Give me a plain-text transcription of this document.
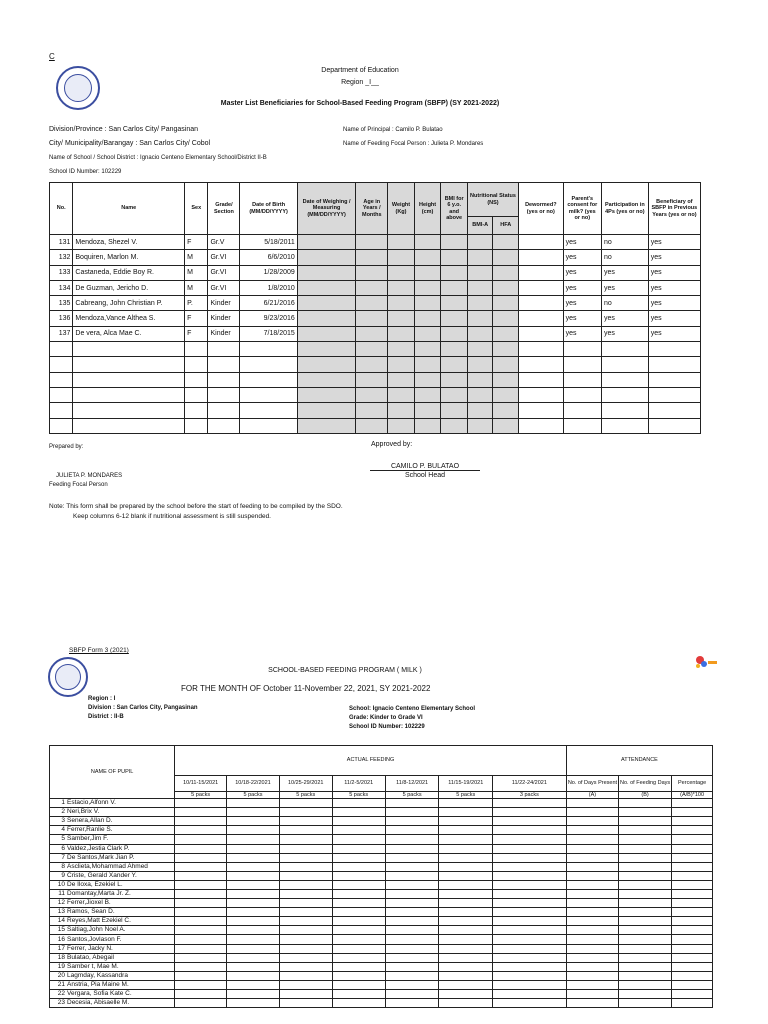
C
Department of Education
Region _I__
Master List Beneficiaries for School-Based Feeding Program (SBFP) (SY 2021-2022)
Division/Province : San Carlos City/ Pangasinan
City/ Municipality/Barangay : San Carlos City/ Cobol
Name of School / School District : Ignacio Centeno Elementary School/District II-B
School ID Number: 102229
Name of Principal : Camilo P. Bulatao
Name of Feeding Focal Person : Julieta P. Mondares
No.	Name	Sex	Grade/ Section	Date of Birth (MM/DD/YYYY)	Date of Weighing / Measuring (MM/DD/YYYY)	Age in Years / Months	Weight (Kg)	Height (cm)	BMI for 6 y.o. and above	Nutritional Status (NS)		Dewormed? (yes or no)	Parent's consent for milk? (yes or no)	Participation in 4Ps (yes or no)	Beneficiary of SBFP in Previous Years (yes or no)
										BMI-A	HFA				
131	Mendoza, Shezel V.	F	Gr.V	5/18/2011									yes	no	yes
132	Boquiren, Marlon M.	M	Gr.VI	6/6/2010									yes	no	yes
133	Castaneda, Eddie Boy R.	M	Gr.VI	1/28/2009									yes	yes	yes
134	De Guzman, Jericho D.	M	Gr.VI	1/8/2010									yes	yes	yes
135	Cabreang, John Christian P.	P.	Kinder	6/21/2016									yes	no	yes
136	Mendoza,Vance Althea S.	F	Kinder	9/23/2016									yes	yes	yes
137	De vera, Alca Mae C.	F	Kinder	7/18/2015									yes	yes	yes

Prepared by:	Approved by:
JULIETA P. MONDARES
Feeding Focal Person
CAMILO P. BULATAO
School Head
Note: This form shall be prepared by the school before the start of feeding to be compiled by the SDO.
Keep columns 6-12 blank if nutritional assessment is still suspended.
SBFP Form 3 (2021)
SCHOOL-BASED FEEDING PROGRAM ( MILK )
FOR THE MONTH OF October 11-November 22, 2021, SY 2021-2022
Region : I
Division : San Carlos City, Pangasinan
District : II-B
School: Ignacio Centeno Elementary School
Grade: Kinder to Grade VI
School ID Number: 102229
NAME OF PUPIL	ACTUAL FEEDING							ATTENDANCE		
	10/11-15/2021	10/18-22/2021	10/25-29/2021	11/2-5/2021	11/8-12/2021	11/15-19/2021	11/22-24/2021	No. of Days Present	No. of Feeding Days	Percentage
	5 packs	5 packs	5 packs	5 packs	5 packs	5 packs	3 packs	(A)	(B)	(A/B)*100
1 Estacio,Alfonn V.										
2 Neri,Brix V.										
3 Senera,Allan D.										
4 Ferrer,Ranlie S.										
5 Samber,Jim F.										
6 Valdez,Jestia Clark P.										
7 De Santos,Mark Jian P.										
8 Asclieta,Mohammad Ahmed										
9 Criste, Gerald Xander Y.										
10 De Iloxa, Ezekiel L.										
11 Domantay,Marta Jr. Z.										
12 Ferrer,Jioxel B.										
13 Ramos, Sean D.										
14 Reyes,Matt Ezekiel C.										
15 Saltiag,John Noel A.										
16 Santos,Jovlason F.										
17 Ferrer, Jacky N.										
18 Bulatao, Abegail										
19 Samber t, Mae M.										
20 Lagmday, Kassandra										
21 Anstria, Pia Maine M.										
22 Vergara, Sofia Kate C.										
23 Decesia, Abisaelle M.										
